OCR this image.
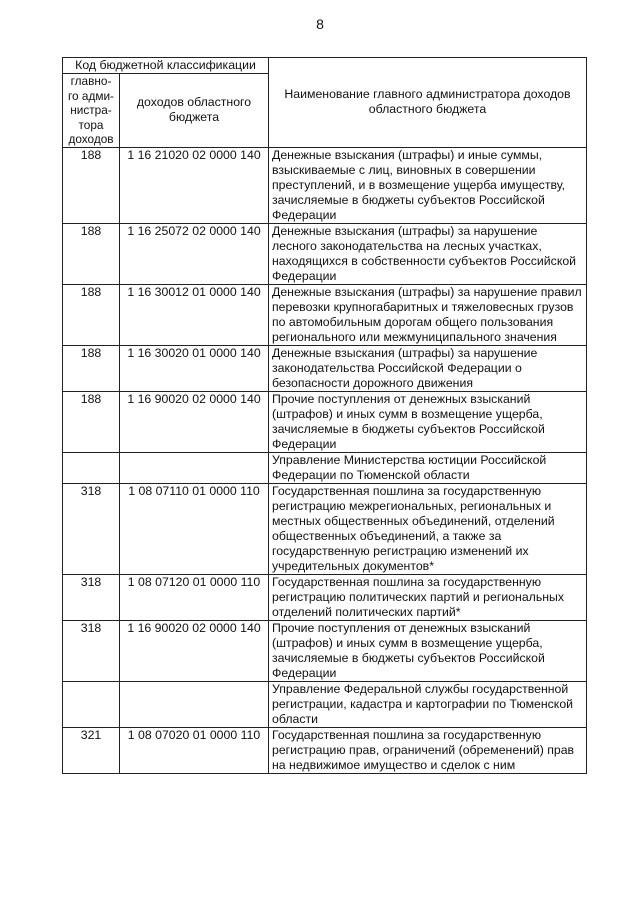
8
Код бюджетной классификации		Наименование главного администратора доходов областного бюджета
главно-го адми-нистра-тора доходов	доходов областного бюджета	
188	1 16 21020 02 0000 140	Денежные взыскания (штрафы) и иные суммы, взыскиваемые с лиц, виновных в совершении преступлений, и в возмещение ущерба имуществу, зачисляемые в бюджеты субъектов Российской Федерации
188	1 16 25072 02 0000 140	Денежные взыскания (штрафы) за нарушение лесного законодательства на лесных участках, находящихся в собственности субъектов Российской Федерации
188	1 16 30012 01 0000 140	Денежные взыскания (штрафы) за нарушение правил перевозки крупногабаритных и тяжеловесных грузов по автомобильным дорогам общего пользования регионального или межмуниципального значения
188	1 16 30020 01 0000 140	Денежные взыскания (штрафы) за нарушение законодательства Российской Федерации о безопасности дорожного движения
188	1 16 90020 02 0000 140	Прочие поступления от денежных взысканий (штрафов) и иных сумм в возмещение ущерба, зачисляемые в бюджеты субъектов Российской Федерации
		Управление Министерства юстиции Российской Федерации по Тюменской области
318	1 08 07110 01 0000 110	Государственная пошлина за государственную регистрацию межрегиональных, региональных и местных общественных объединений, отделений общественных объединений, а также за государственную регистрацию изменений их учредительных документов*
318	1 08 07120 01 0000 110	Государственная пошлина за государственную регистрацию политических партий и региональных отделений политических партий*
318	1 16 90020 02 0000 140	Прочие поступления от денежных взысканий (штрафов) и иных сумм в возмещение ущерба, зачисляемые в бюджеты субъектов Российской Федерации
		Управление Федеральной службы государственной регистрации, кадастра и картографии по Тюменской области
321	1 08 07020 01 0000 110	Государственная пошлина за государственную регистрацию прав, ограничений (обременений) прав на недвижимое имущество и сделок с ним
